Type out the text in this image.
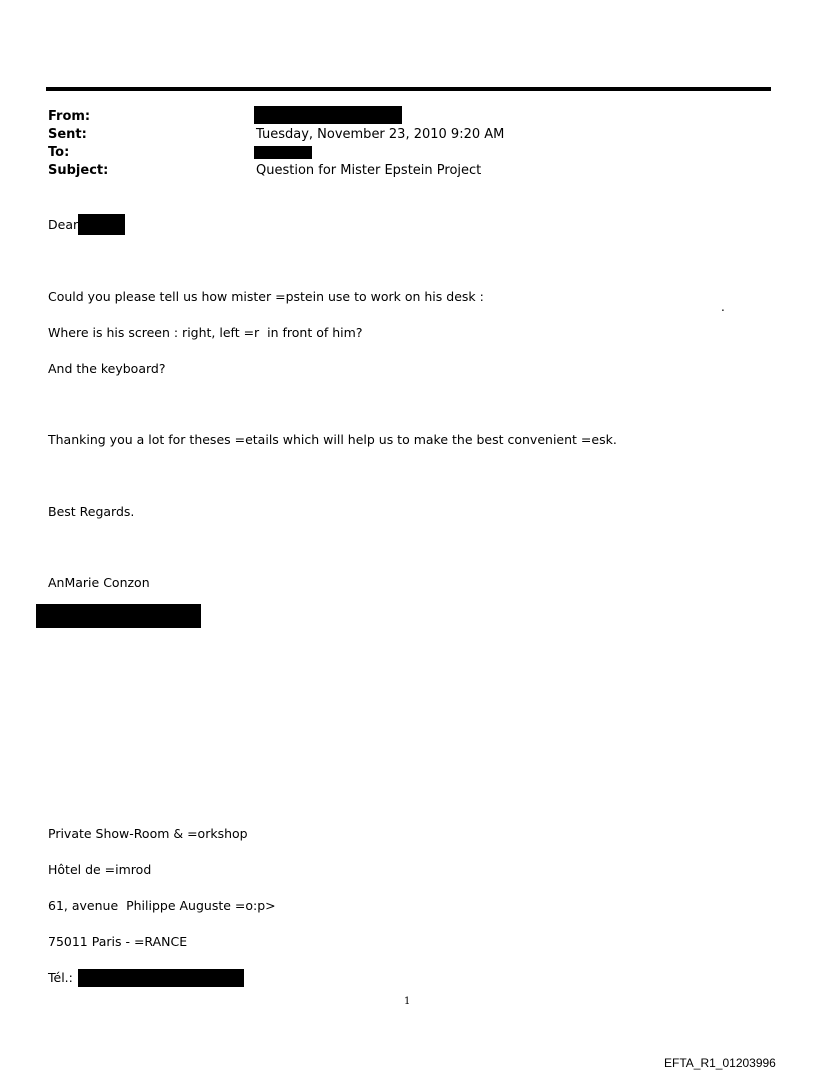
From:
Sent:	Tuesday, November 23, 2010 9:20 AM
To:
Subject:	Question for Mister Epstein Project
Dear
Could you please tell us how mister =pstein use to work on his desk :
.
Where is his screen : right, left =r  in front of him?
And the keyboard?
Thanking you a lot for theses =etails which will help us to make the best convenient =esk.
Best Regards.
AnMarie Conzon
Private Show-Room & =orkshop
Hôtel de =imrod
61, avenue  Philippe Auguste =o:p>
75011 Paris - =RANCE
Tél.:
1
EFTA_R1_01203996
